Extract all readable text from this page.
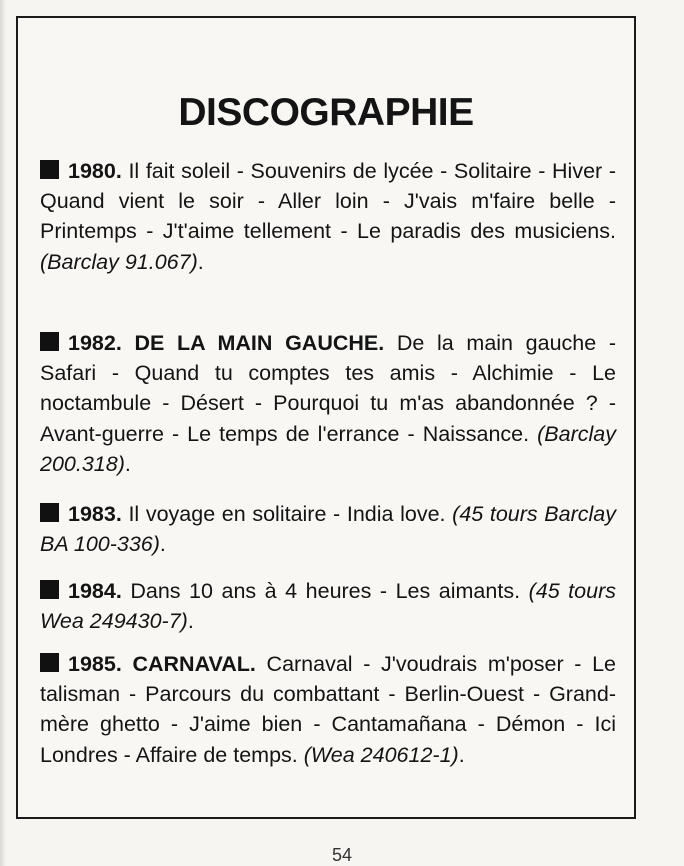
DISCOGRAPHIE

1980. Il fait soleil - Souvenirs de lycée - Solitaire - Hiver - Quand vient le soir - Aller loin - J'vais m'faire belle - Printemps - J't'aime tellement - Le paradis des musiciens. (Barclay 91.067).

1982. DE LA MAIN GAUCHE. De la main gauche - Safari - Quand tu comptes tes amis - Alchimie - Le noctambule - Désert - Pourquoi tu m'as abandonnée ? - Avant-guerre - Le temps de l'errance - Naissance. (Barclay 200.318).

1983. Il voyage en solitaire - India love. (45 tours Barclay BA 100-336).

1984. Dans 10 ans à 4 heures - Les aimants. (45 tours Wea 249430-7).

1985. CARNAVAL. Carnaval - J'voudrais m'poser - Le talisman - Parcours du combattant - Berlin-Ouest - Grand-mère ghetto - J'aime bien - Cantamañana - Démon - Ici Londres - Affaire de temps. (Wea 240612-1).

54
